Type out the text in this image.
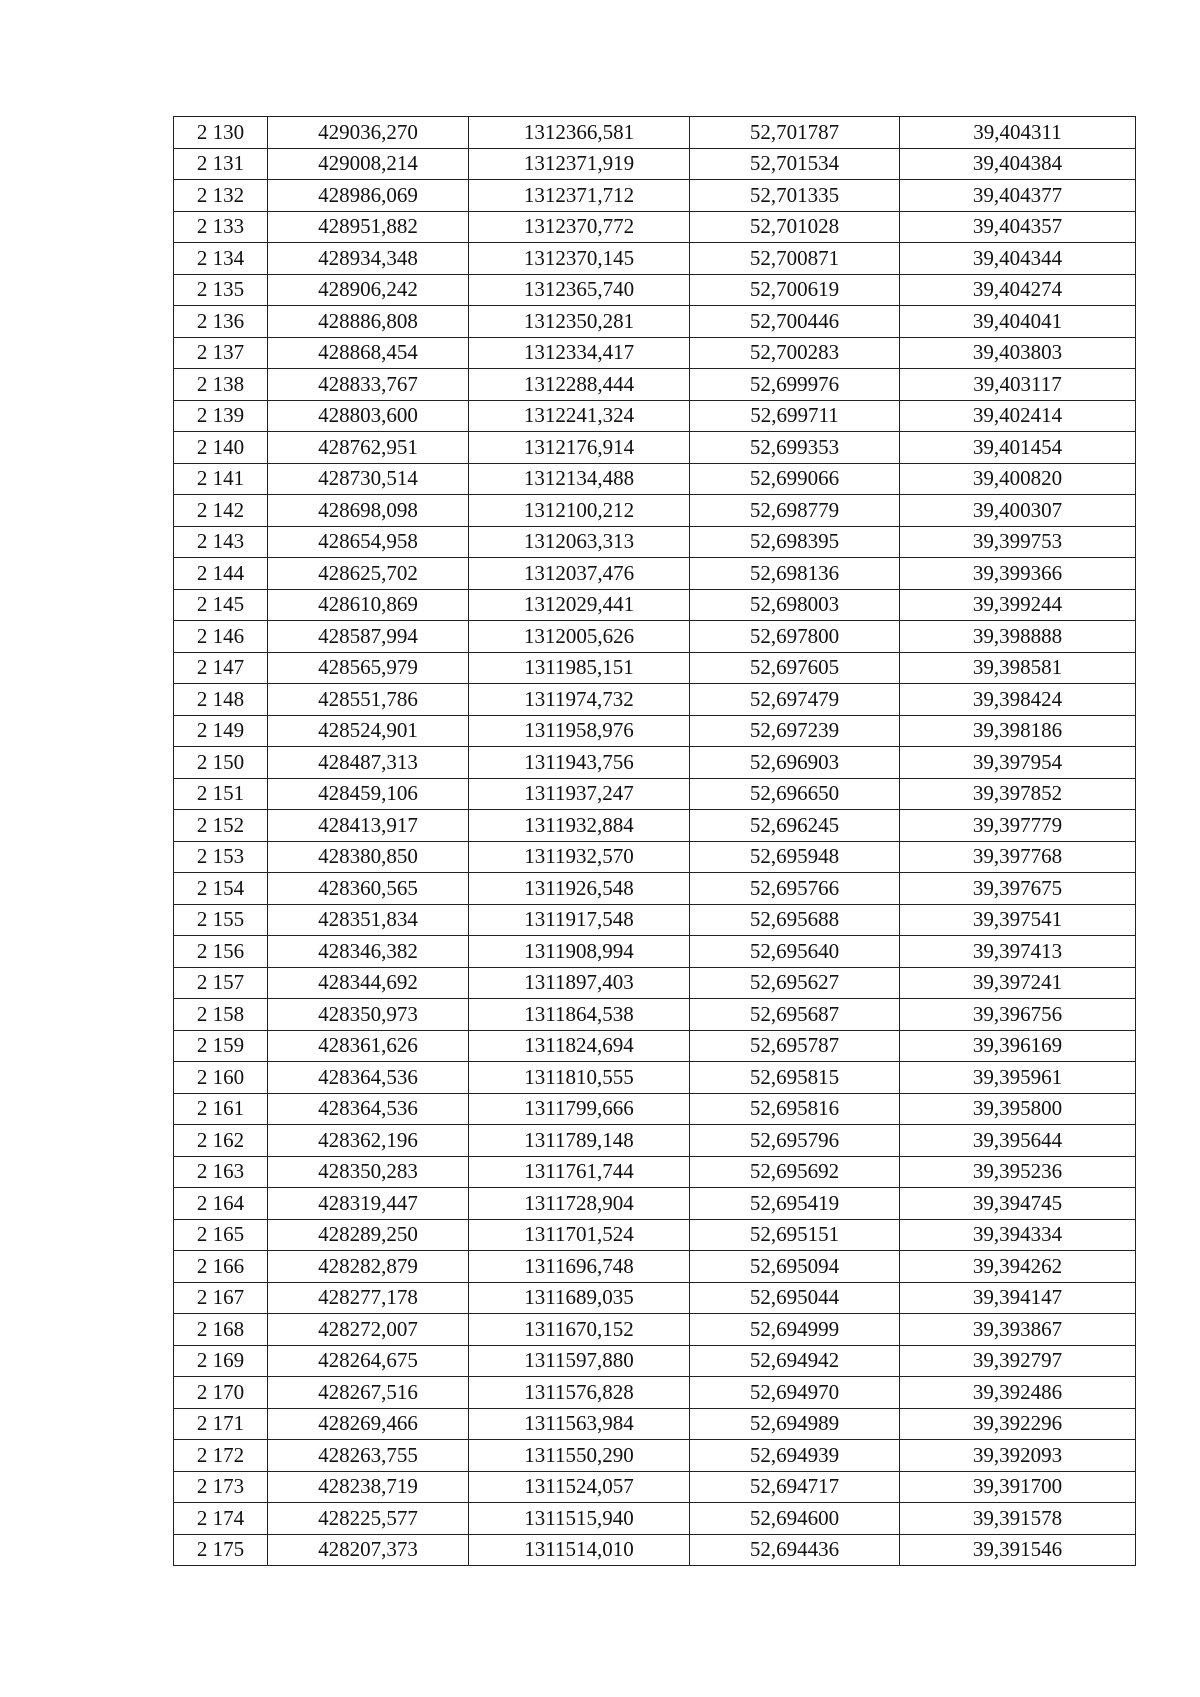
2 130	429036,270	1312366,581	52,701787	39,404311
2 131	429008,214	1312371,919	52,701534	39,404384
2 132	428986,069	1312371,712	52,701335	39,404377
2 133	428951,882	1312370,772	52,701028	39,404357
2 134	428934,348	1312370,145	52,700871	39,404344
2 135	428906,242	1312365,740	52,700619	39,404274
2 136	428886,808	1312350,281	52,700446	39,404041
2 137	428868,454	1312334,417	52,700283	39,403803
2 138	428833,767	1312288,444	52,699976	39,403117
2 139	428803,600	1312241,324	52,699711	39,402414
2 140	428762,951	1312176,914	52,699353	39,401454
2 141	428730,514	1312134,488	52,699066	39,400820
2 142	428698,098	1312100,212	52,698779	39,400307
2 143	428654,958	1312063,313	52,698395	39,399753
2 144	428625,702	1312037,476	52,698136	39,399366
2 145	428610,869	1312029,441	52,698003	39,399244
2 146	428587,994	1312005,626	52,697800	39,398888
2 147	428565,979	1311985,151	52,697605	39,398581
2 148	428551,786	1311974,732	52,697479	39,398424
2 149	428524,901	1311958,976	52,697239	39,398186
2 150	428487,313	1311943,756	52,696903	39,397954
2 151	428459,106	1311937,247	52,696650	39,397852
2 152	428413,917	1311932,884	52,696245	39,397779
2 153	428380,850	1311932,570	52,695948	39,397768
2 154	428360,565	1311926,548	52,695766	39,397675
2 155	428351,834	1311917,548	52,695688	39,397541
2 156	428346,382	1311908,994	52,695640	39,397413
2 157	428344,692	1311897,403	52,695627	39,397241
2 158	428350,973	1311864,538	52,695687	39,396756
2 159	428361,626	1311824,694	52,695787	39,396169
2 160	428364,536	1311810,555	52,695815	39,395961
2 161	428364,536	1311799,666	52,695816	39,395800
2 162	428362,196	1311789,148	52,695796	39,395644
2 163	428350,283	1311761,744	52,695692	39,395236
2 164	428319,447	1311728,904	52,695419	39,394745
2 165	428289,250	1311701,524	52,695151	39,394334
2 166	428282,879	1311696,748	52,695094	39,394262
2 167	428277,178	1311689,035	52,695044	39,394147
2 168	428272,007	1311670,152	52,694999	39,393867
2 169	428264,675	1311597,880	52,694942	39,392797
2 170	428267,516	1311576,828	52,694970	39,392486
2 171	428269,466	1311563,984	52,694989	39,392296
2 172	428263,755	1311550,290	52,694939	39,392093
2 173	428238,719	1311524,057	52,694717	39,391700
2 174	428225,577	1311515,940	52,694600	39,391578
2 175	428207,373	1311514,010	52,694436	39,391546
